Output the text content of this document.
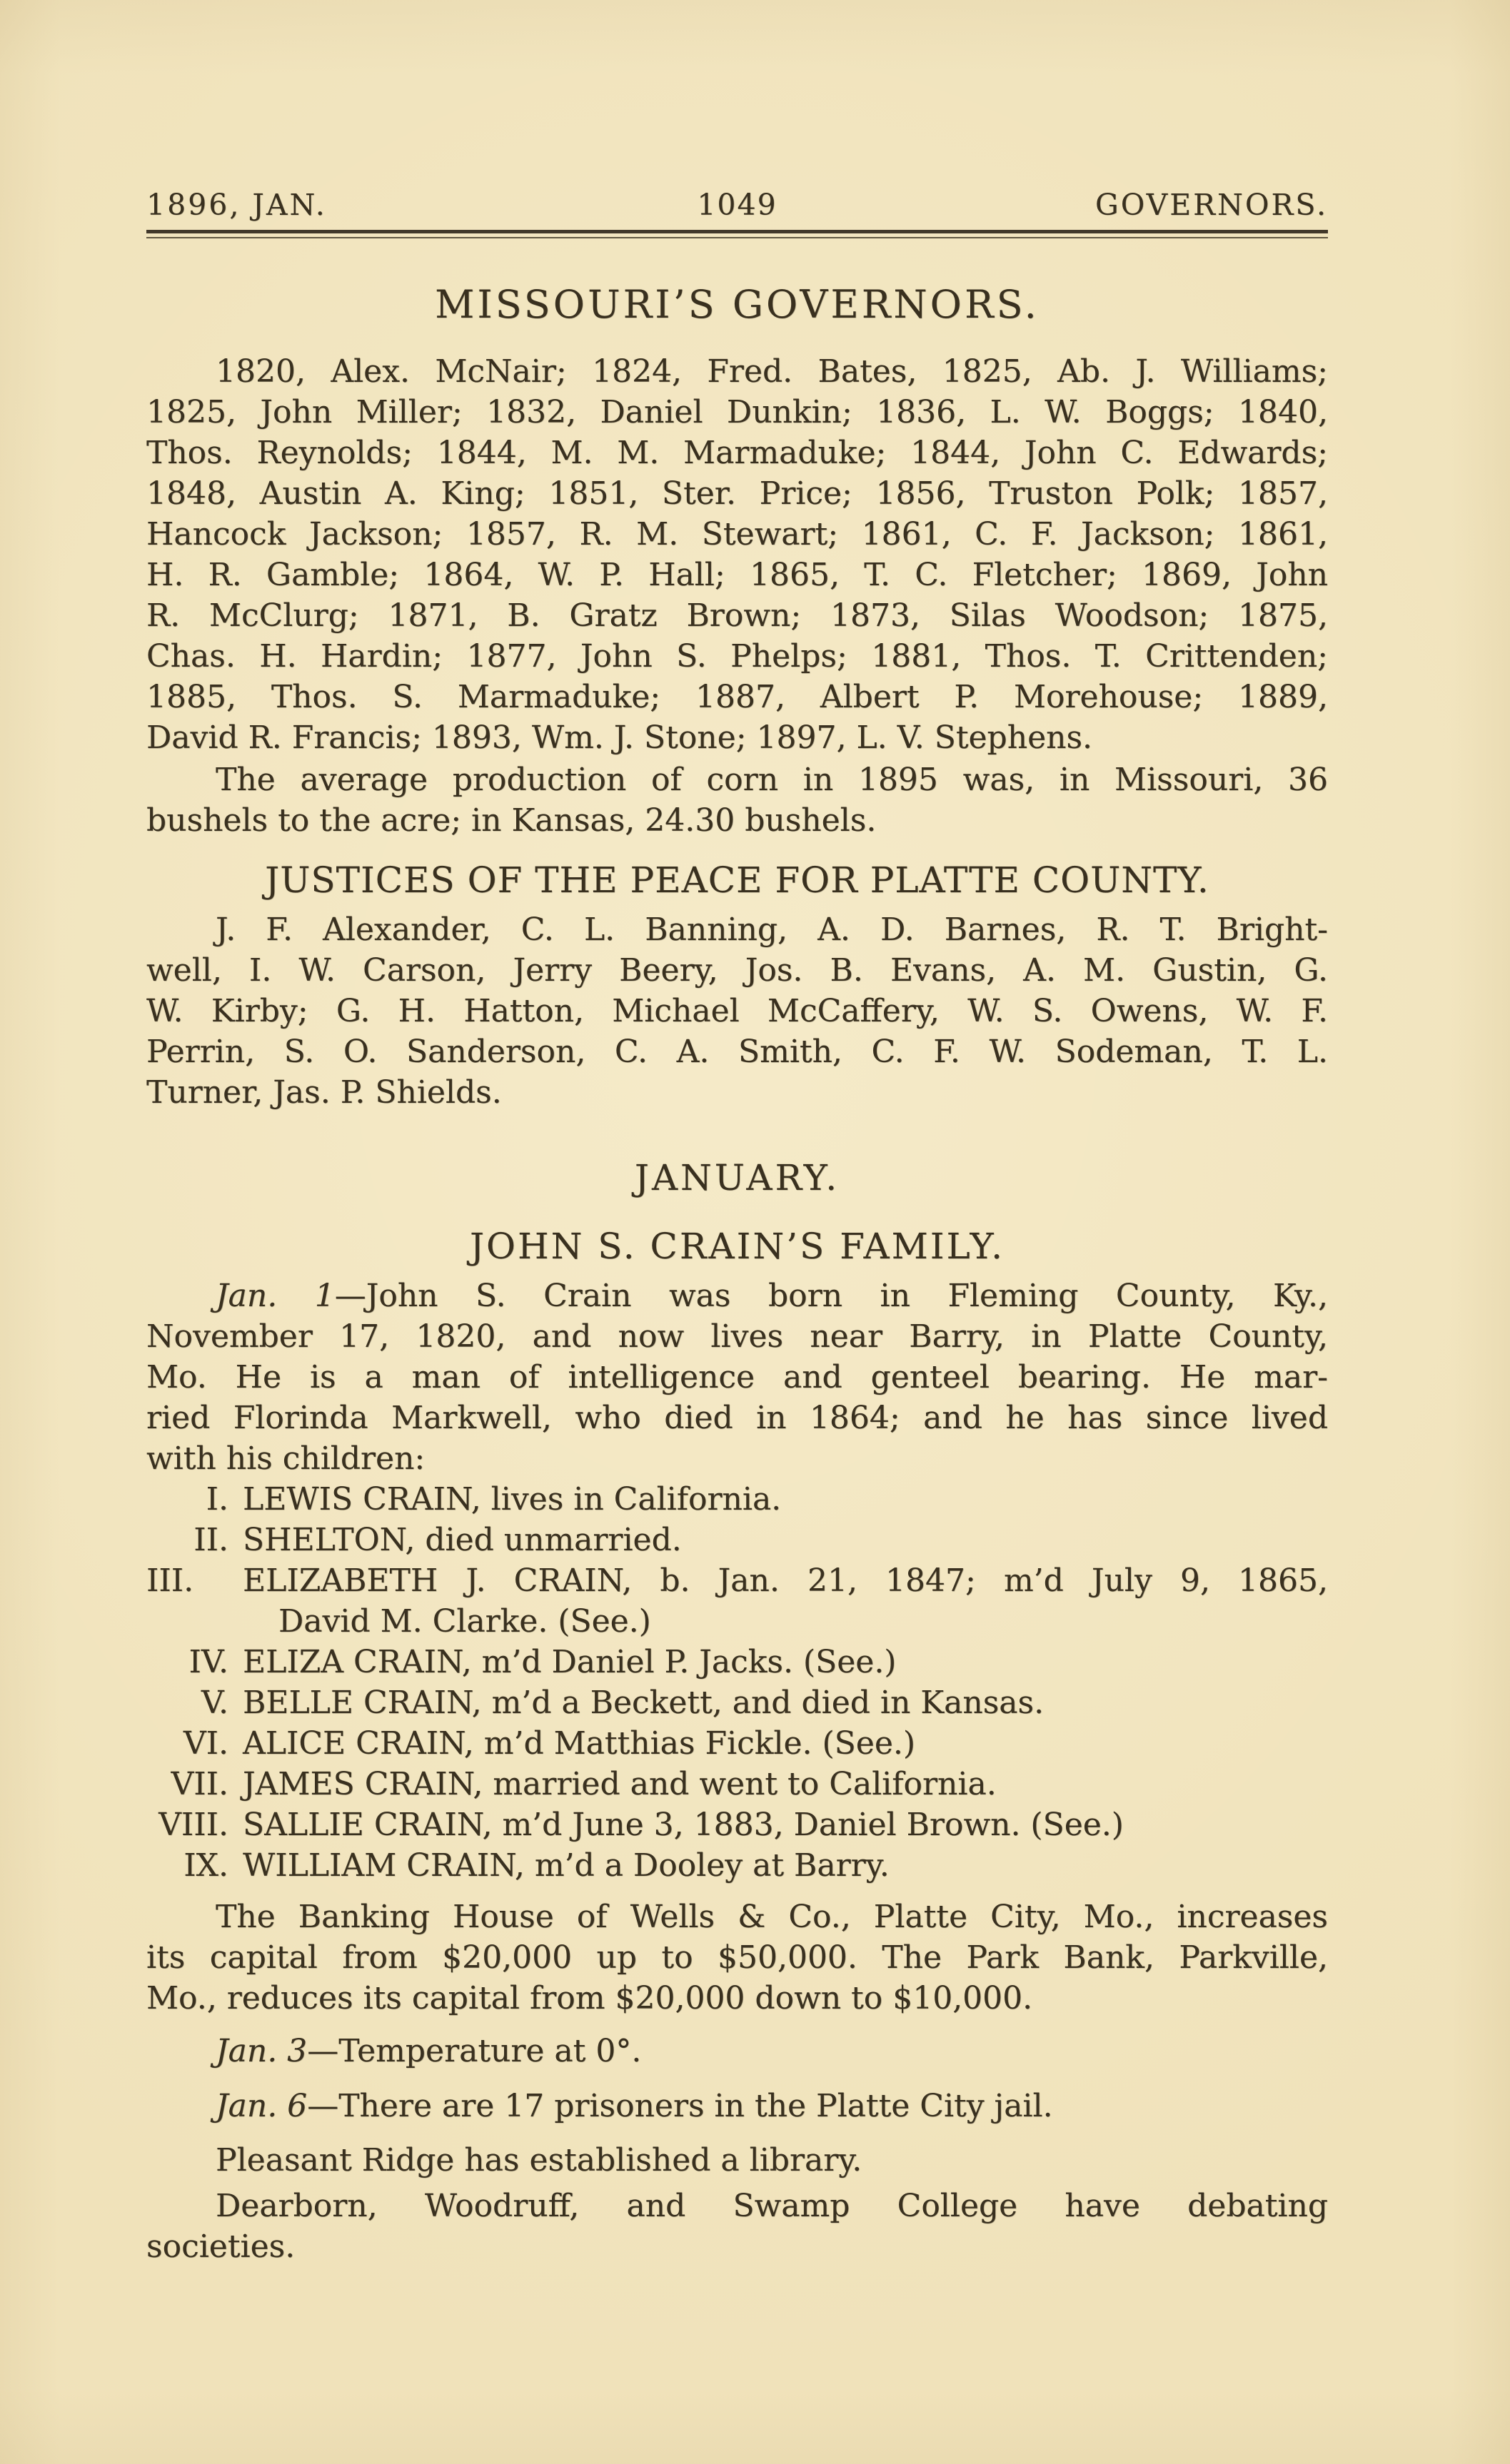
1896, JAN.	1049	GOVERNORS.
MISSOURI’S GOVERNORS.
1820, Alex. McNair; 1824, Fred. Bates, 1825, Ab. J. Williams;
1825, John Miller; 1832, Daniel Dunkin; 1836, L. W. Boggs; 1840,
Thos. Reynolds; 1844, M. M. Marmaduke; 1844, John C. Edwards;
1848, Austin A. King; 1851, Ster. Price; 1856, Truston Polk; 1857,
Hancock Jackson; 1857, R. M. Stewart; 1861, C. F. Jackson; 1861,
H. R. Gamble; 1864, W. P. Hall; 1865, T. C. Fletcher; 1869, John
R. McClurg; 1871, B. Gratz Brown; 1873, Silas Woodson; 1875,
Chas. H. Hardin; 1877, John S. Phelps; 1881, Thos. T. Crittenden;
1885, Thos. S. Marmaduke; 1887, Albert P. Morehouse; 1889,
David R. Francis; 1893, Wm. J. Stone; 1897, L. V. Stephens.
The average production of corn in 1895 was, in Missouri, 36
bushels to the acre; in Kansas, 24.30 bushels.
JUSTICES OF THE PEACE FOR PLATTE COUNTY.
J. F. Alexander, C. L. Banning, A. D. Barnes, R. T. Bright-
well, I. W. Carson, Jerry Beery, Jos. B. Evans, A. M. Gustin, G.
W. Kirby; G. H. Hatton, Michael McCaffery, W. S. Owens, W. F.
Perrin, S. O. Sanderson, C. A. Smith, C. F. W. Sodeman, T. L.
Turner, Jas. P. Shields.
JANUARY.
JOHN S. CRAIN’S FAMILY.
Jan. 1—John S. Crain was born in Fleming County, Ky.,
November 17, 1820, and now lives near Barry, in Platte County,
Mo. He is a man of intelligence and genteel bearing. He mar-
ried Florinda Markwell, who died in 1864; and he has since lived
with his children:
I. LEWIS CRAIN, lives in California.
II. SHELTON, died unmarried.
III. ELIZABETH J. CRAIN, b. Jan. 21, 1847; m’d July 9, 1865,
David M. Clarke. (See.)
IV. ELIZA CRAIN, m’d Daniel P. Jacks. (See.)
V. BELLE CRAIN, m’d a Beckett, and died in Kansas.
VI. ALICE CRAIN, m’d Matthias Fickle. (See.)
VII. JAMES CRAIN, married and went to California.
VIII. SALLIE CRAIN, m’d June 3, 1883, Daniel Brown. (See.)
IX. WILLIAM CRAIN, m’d a Dooley at Barry.
The Banking House of Wells & Co., Platte City, Mo., increases
its capital from $20,000 up to $50,000. The Park Bank, Parkville,
Mo., reduces its capital from $20,000 down to $10,000.
Jan. 3—Temperature at 0°.
Jan. 6—There are 17 prisoners in the Platte City jail.
Pleasant Ridge has established a library.
Dearborn, Woodruff, and Swamp College have debating
societies.
